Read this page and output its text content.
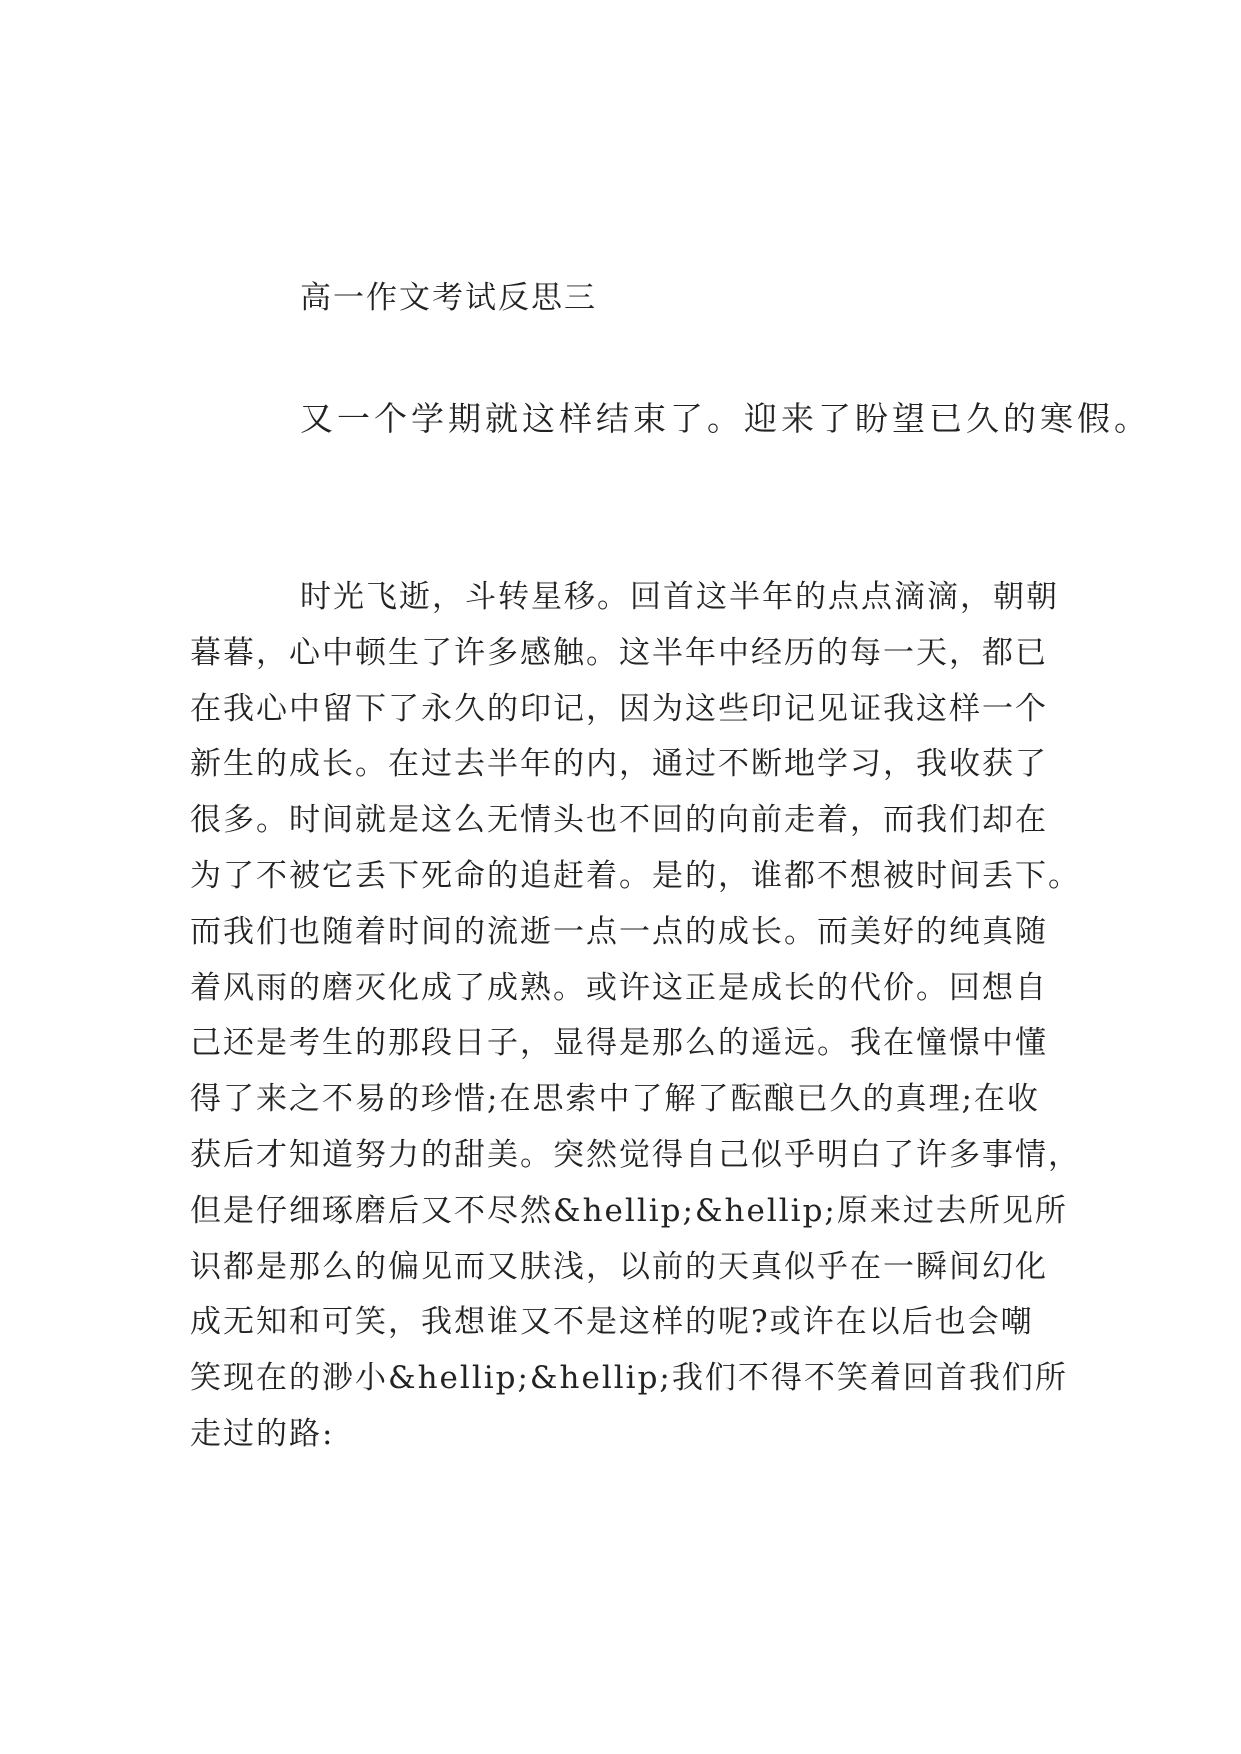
高一作文考试反思三
又一个学期就这样结束了。迎来了盼望已久的寒假。
时光飞逝，斗转星移。回首这半年的点点滴滴，朝朝
暮暮，心中顿生了许多感触。这半年中经历的每一天，都已
在我心中留下了永久的印记，因为这些印记见证我这样一个
新生的成长。在过去半年的内，通过不断地学习，我收获了
很多。时间就是这么无情头也不回的向前走着，而我们却在
为了不被它丢下死命的追赶着。是的，谁都不想被时间丢下。
而我们也随着时间的流逝一点一点的成长。而美好的纯真随
着风雨的磨灭化成了成熟。或许这正是成长的代价。回想自
己还是考生的那段日子，显得是那么的遥远。我在憧憬中懂
得了来之不易的珍惜;在思索中了解了酝酿已久的真理;在收
获后才知道努力的甜美。突然觉得自己似乎明白了许多事情，
但是仔细琢磨后又不尽然&hellip;&hellip;原来过去所见所
识都是那么的偏见而又肤浅，以前的天真似乎在一瞬间幻化
成无知和可笑，我想谁又不是这样的呢?或许在以后也会嘲
笑现在的渺小&hellip;&hellip;我们不得不笑着回首我们所
走过的路:
